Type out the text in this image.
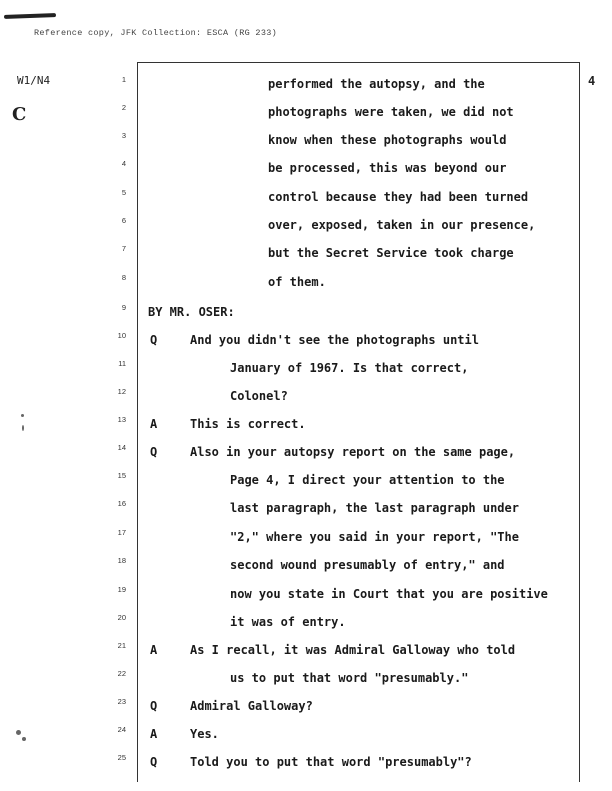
Reference copy, JFK Collection: ESCA (RG 233)
W1/N4
C
4
1	performed the autopsy, and the
2	photographs were taken, we did not
3	know when these photographs would
4	be processed, this was beyond our
5	control because they had been turned
6	over, exposed, taken in our presence,
7	but the Secret Service took charge
8	of them.
9 BY MR. OSER:
10 Q	And you didn't see the photographs until
11	January of 1967. Is that correct,
12	Colonel?
13 A	This is correct.
14 Q	Also in your autopsy report on the same page,
15	Page 4, I direct your attention to the
16	last paragraph, the last paragraph under
17	"2," where you said in your report, "The
18	second wound presumably of entry," and
19	now you state in Court that you are positive
20	it was of entry.
21 A	As I recall, it was Admiral Galloway who told
22	us to put that word "presumably."
23 Q	Admiral Galloway?
24 A	Yes.
25 Q	Told you to put that word "presumably"?
